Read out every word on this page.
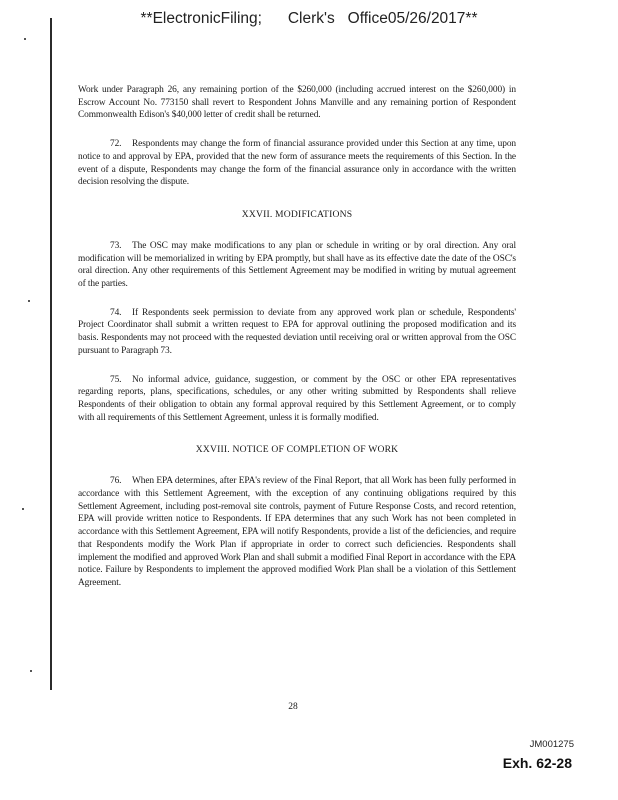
**ElectronicFiling; Clerk's Office05/26/2017**

Work under Paragraph 26, any remaining portion of the $260,000 (including accrued interest on the $260,000) in Escrow Account No. 773150 shall revert to Respondent Johns Manville and any remaining portion of Respondent Commonwealth Edison's $40,000 letter of credit shall be returned.

72. Respondents may change the form of financial assurance provided under this Section at any time, upon notice to and approval by EPA, provided that the new form of assurance meets the requirements of this Section. In the event of a dispute, Respondents may change the form of the financial assurance only in accordance with the written decision resolving the dispute.

XXVII. MODIFICATIONS

73. The OSC may make modifications to any plan or schedule in writing or by oral direction. Any oral modification will be memorialized in writing by EPA promptly, but shall have as its effective date the date of the OSC's oral direction. Any other requirements of this Settlement Agreement may be modified in writing by mutual agreement of the parties.

74. If Respondents seek permission to deviate from any approved work plan or schedule, Respondents' Project Coordinator shall submit a written request to EPA for approval outlining the proposed modification and its basis. Respondents may not proceed with the requested deviation until receiving oral or written approval from the OSC pursuant to Paragraph 73.

75. No informal advice, guidance, suggestion, or comment by the OSC or other EPA representatives regarding reports, plans, specifications, schedules, or any other writing submitted by Respondents shall relieve Respondents of their obligation to obtain any formal approval required by this Settlement Agreement, or to comply with all requirements of this Settlement Agreement, unless it is formally modified.

XXVIII. NOTICE OF COMPLETION OF WORK

76. When EPA determines, after EPA's review of the Final Report, that all Work has been fully performed in accordance with this Settlement Agreement, with the exception of any continuing obligations required by this Settlement Agreement, including post-removal site controls, payment of Future Response Costs, and record retention, EPA will provide written notice to Respondents. If EPA determines that any such Work has not been completed in accordance with this Settlement Agreement, EPA will notify Respondents, provide a list of the deficiencies, and require that Respondents modify the Work Plan if appropriate in order to correct such deficiencies. Respondents shall implement the modified and approved Work Plan and shall submit a modified Final Report in accordance with the EPA notice. Failure by Respondents to implement the approved modified Work Plan shall be a violation of this Settlement Agreement.

28
JM001275
Exh. 62-28
